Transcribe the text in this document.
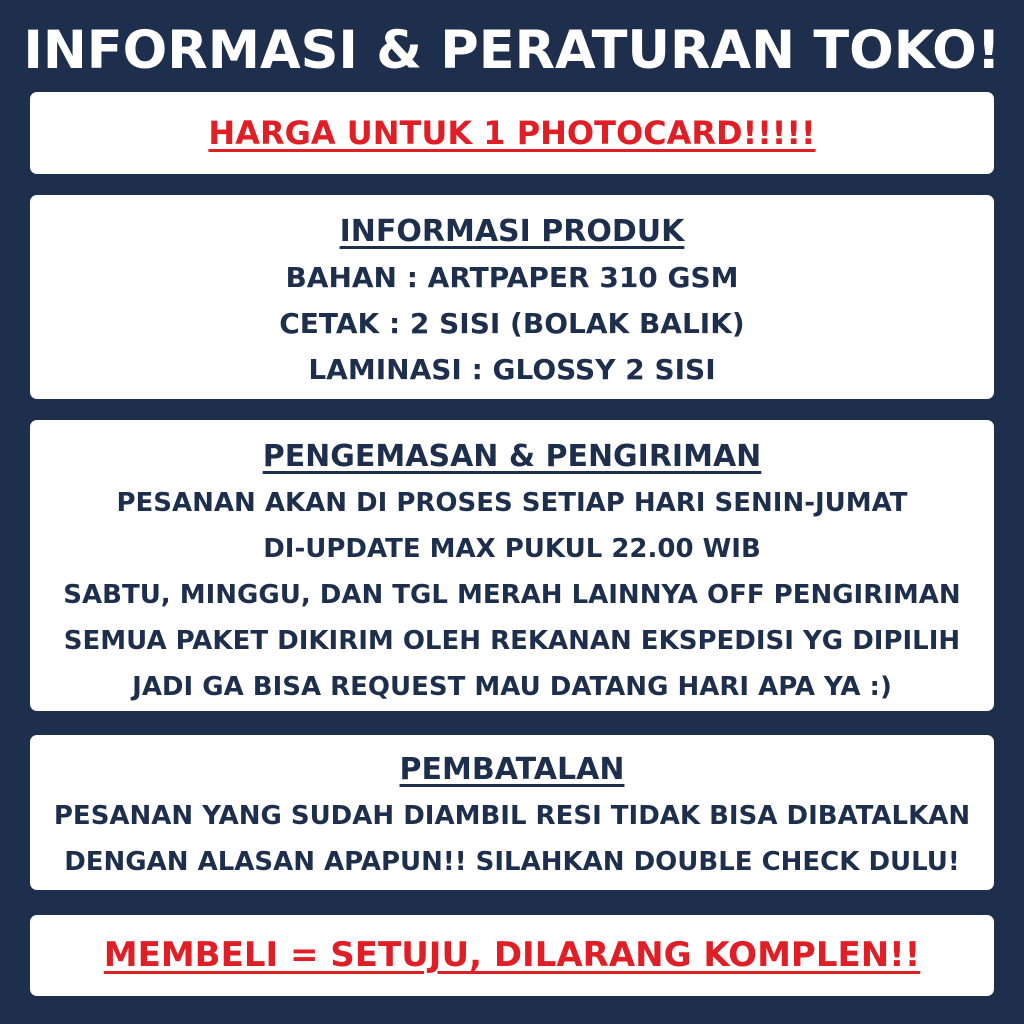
INFORMASI & PERATURAN TOKO!
HARGA UNTUK 1 PHOTOCARD!!!!!
INFORMASI PRODUK
BAHAN : ARTPAPER 310 GSM
CETAK : 2 SISI (BOLAK BALIK)
LAMINASI : GLOSSY 2 SISI
PENGEMASAN & PENGIRIMAN
PESANAN AKAN DI PROSES SETIAP HARI SENIN-JUMAT
DI-UPDATE MAX PUKUL 22.00 WIB
SABTU, MINGGU, DAN TGL MERAH LAINNYA OFF PENGIRIMAN
SEMUA PAKET DIKIRIM OLEH REKANAN EKSPEDISI YG DIPILIH
JADI GA BISA REQUEST MAU DATANG HARI APA YA :)
PEMBATALAN
PESANAN YANG SUDAH DIAMBIL RESI TIDAK BISA DIBATALKAN
DENGAN ALASAN APAPUN!! SILAHKAN DOUBLE CHECK DULU!
MEMBELI = SETUJU, DILARANG KOMPLEN!!
